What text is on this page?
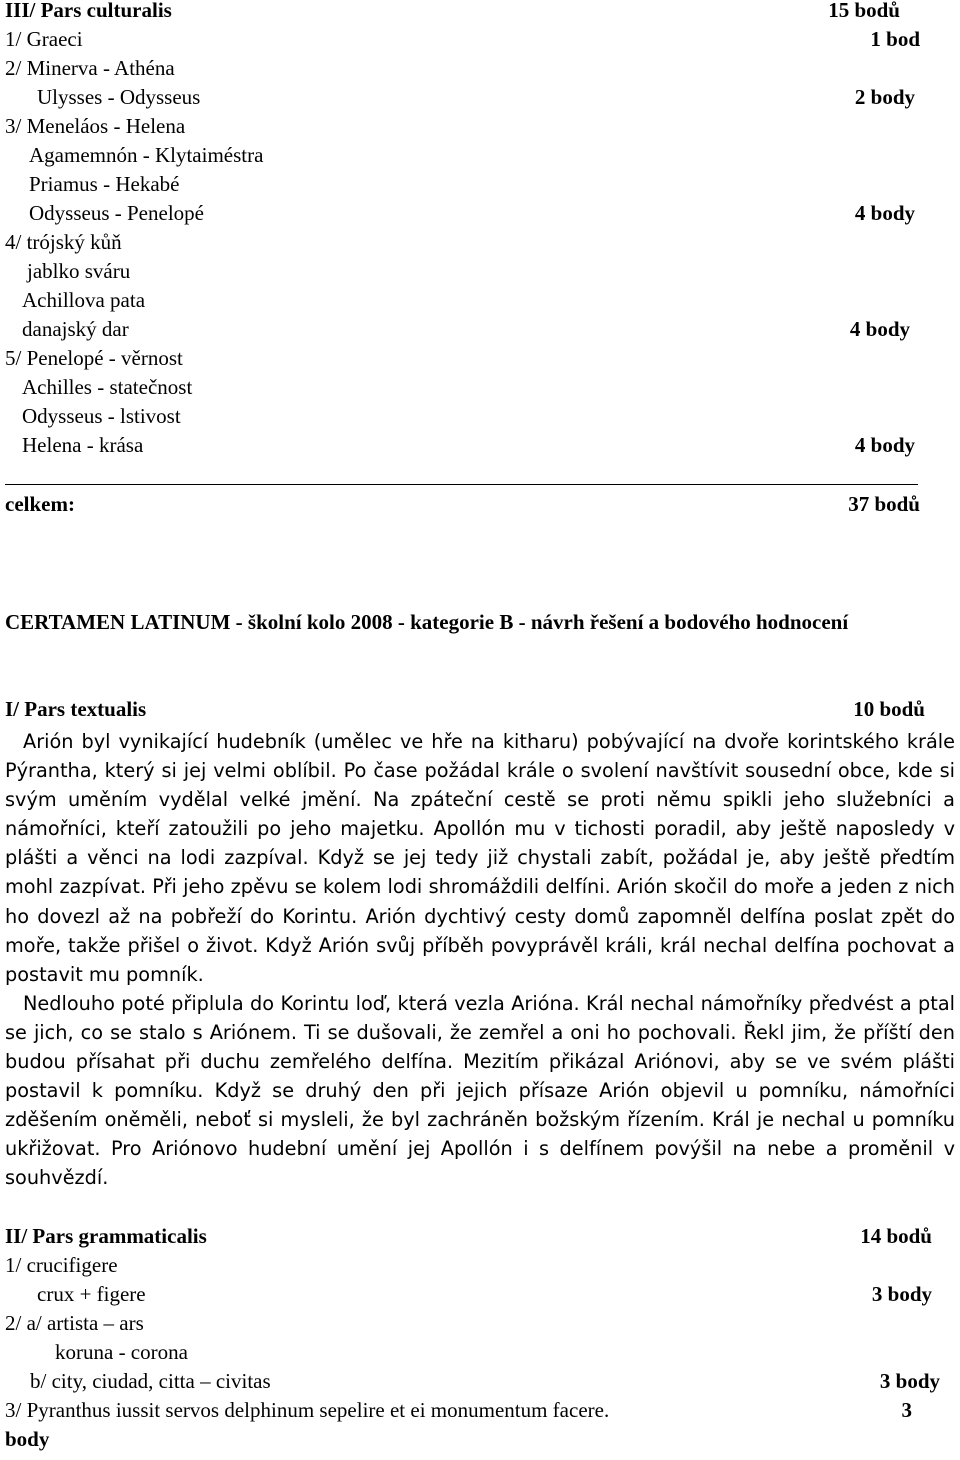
III/ Pars culturalis	15 bodů
1/ Graeci	1 bod
2/ Minerva - Athéna
Ulysses - Odysseus	2 body
3/ Meneláos - Helena
Agamemnón - Klytaiméstra
Priamus - Hekabé
Odysseus - Penelopé	4 body
4/ trójský kůň
jablko sváru
Achillova pata
danajský dar	4 body
5/ Penelopé - věrnost
Achilles - statečnost
Odysseus - lstivost
Helena - krása	4 body
celkem:	37 bodů
CERTAMEN LATINUM - školní kolo 2008 - kategorie B - návrh řešení a bodového hodnocení
I/ Pars textualis	10 bodů

Arión byl vynikající hudebník (umělec ve hře na kitharu) pobývající na dvoře korintského krále Pýrantha, který si jej velmi oblíbil. Po čase požádal krále o svolení navštívit sousední obce, kde si svým uměním vydělal velké jmění. Na zpáteční cestě se proti němu spikli jeho služebníci a námořníci, kteří zatoužili po jeho majetku. Apollón mu v tichosti poradil, aby ještě naposledy v plášti a věnci na lodi zazpíval. Když se jej tedy již chystali zabít, požádal je, aby ještě předtím mohl zazpívat. Při jeho zpěvu se kolem lodi shromáždili delfíni. Arión skočil do moře a jeden z nich ho dovezl až na pobřeží do Korintu. Arión dychtivý cesty domů zapomněl delfína poslat zpět do moře, takže přišel o život. Když Arión svůj příběh povyprávěl králi, král nechal delfína pochovat a postavit mu pomník.

Nedlouho poté připlula do Korintu loď, která vezla Arióna. Král nechal námořníky předvést a ptal se jich, co se stalo s Ariónem. Ti se dušovali, že zemřel a oni ho pochovali. Řekl jim, že příští den budou přísahat při duchu zemřelého delfína. Mezitím přikázal Ariónovi, aby se ve svém plášti postavil k pomníku. Když se druhý den při jejich přísaze Arión objevil u pomníku, námořníci zděšením oněměli, neboť si mysleli, že byl zachráněn božským řízením. Král je nechal u pomníku ukřižovat. Pro Ariónovo hudební umění jej Apollón i s delfínem povýšil na nebe a proměnil v souhvězdí.

II/ Pars grammaticalis	14 bodů
1/ crucifigere
crux + figere	3 body
2/ a/ artista – ars
koruna - corona
b/ city, ciudad, citta – civitas	3 body
3/ Pyranthus iussit servos delphinum sepelire et ei monumentum facere.	3
body
